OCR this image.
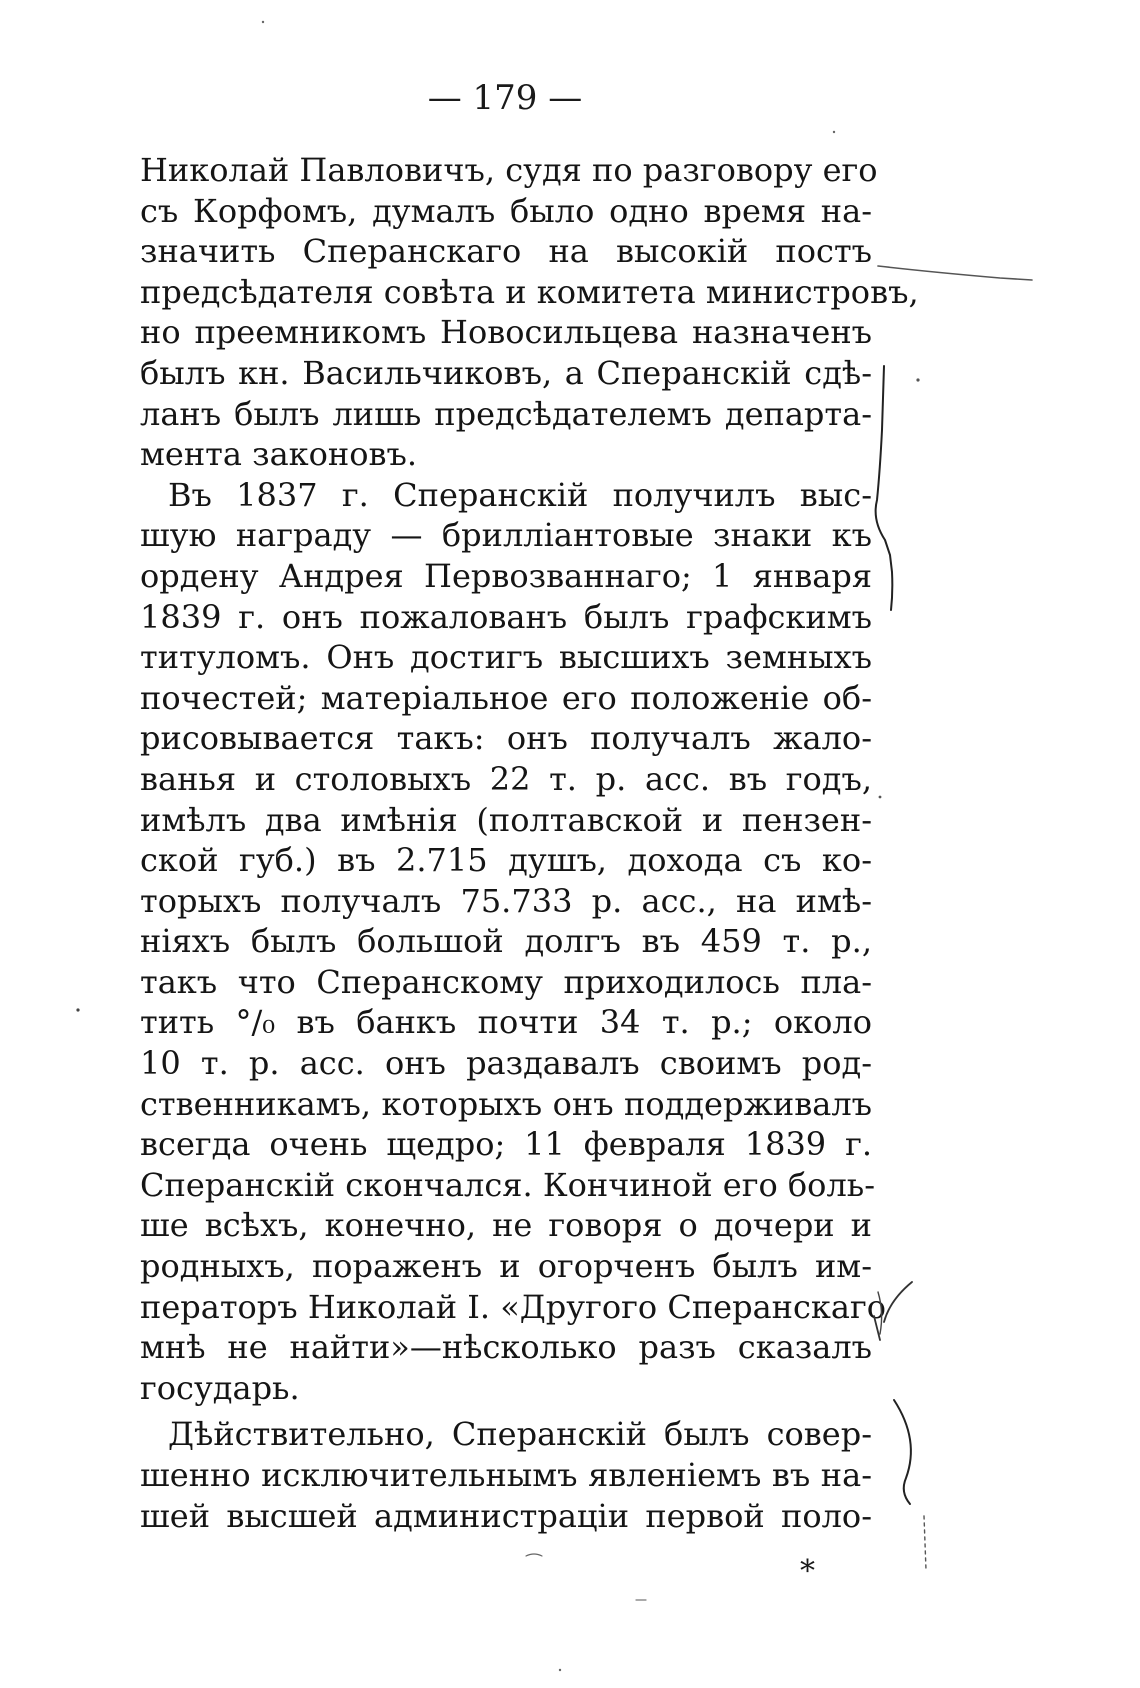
— 179 —
Николай Павловичъ, судя по разговору его
съ Корфомъ, думалъ было одно время на-
значить Сперанскаго на высокій постъ
предсѣдателя совѣта и комитета министровъ,
но преемникомъ Новосильцева назначенъ
былъ кн. Васильчиковъ, а Сперанскій сдѣ-
ланъ былъ лишь предсѣдателемъ департа-
мента законовъ.
Въ 1837 г. Сперанскій получилъ выс-
шую награду — бриллiантовые знаки къ
ордену Андрея Первозваннаго; 1 января
1839 г. онъ пожалованъ былъ графскимъ
титуломъ. Онъ достигъ высшихъ земныхъ
почестей; матеріальное его положеніе об-
рисовывается такъ: онъ получалъ жало-
ванья и столовыхъ 22 т. р. асс. въ годъ,
имѣлъ два имѣнія (полтавской и пензен-
ской губ.) въ 2.715 душъ, дохода съ ко-
торыхъ получалъ 75.733 р. асс., на имѣ-
ніяхъ былъ большой долгъ въ 459 т. р.,
такъ что Сперанскому приходилось пла-
тить °/₀ въ банкъ почти 34 т. р.; около
10 т. р. асс. онъ раздавалъ своимъ род-
ственникамъ, которыхъ онъ поддерживалъ
всегда очень щедро; 11 февраля 1839 г.
Сперанскій скончался. Кончиной его боль-
ше всѣхъ, конечно, не говоря о дочери и
родныхъ, пораженъ и огорченъ былъ им-
ператоръ Николай I. «Другого Сперанскаго
мнѣ не найти»—нѣсколько разъ сказалъ
государь.
Дѣйствительно, Сперанскій былъ совер-
шенно исключительнымъ явленіемъ въ на-
шей высшей администраціи первой поло-
*
